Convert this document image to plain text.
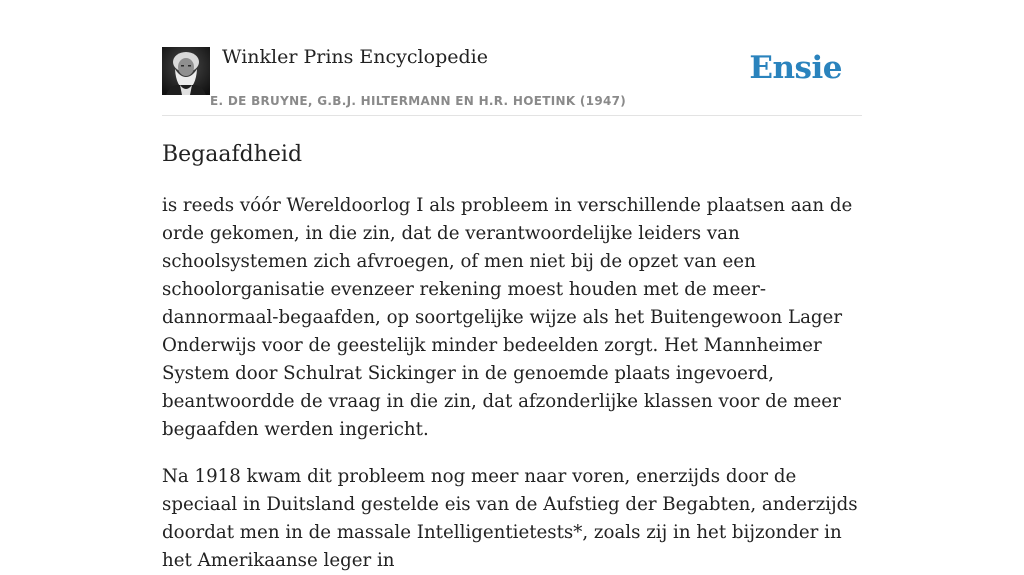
Winkler Prins Encyclopedie	Ensie
E. DE BRUYNE, G.B.J. HILTERMANN EN H.R. HOETINK (1947)
Begaafdheid

is reeds vóór Wereldoorlog I als probleem in verschillende plaatsen aan de orde gekomen, in die zin, dat de verantwoordelijke leiders van schoolsystemen zich afvroegen, of men niet bij de opzet van een schoolorganisatie evenzeer rekening moest houden met de meer-dannormaal-begaafden, op soortgelijke wijze als het Buitengewoon Lager Onderwijs voor de geestelijk minder bedeelden zorgt. Het Mannheimer System door Schulrat Sickinger in de genoemde plaats ingevoerd, beantwoordde de vraag in die zin, dat afzonderlijke klassen voor de meer begaafden werden ingericht.

Na 1918 kwam dit probleem nog meer naar voren, enerzijds door de speciaal in Duitsland gestelde eis van de Aufstieg der Begabten, anderzijds doordat men in de massale Intelligentietests*, zoals zij in het bijzonder in het Amerikaanse leger in
